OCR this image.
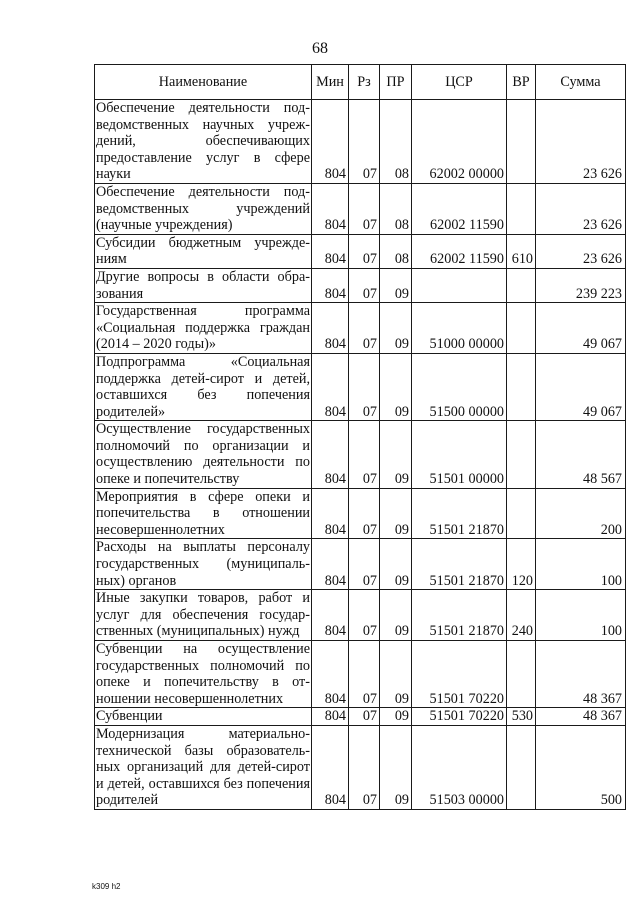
68
Наименование	Мин	Рз	ПР	ЦСР	ВР	Сумма
Обеспечение деятельности подведомственных научных учреждений, обеспечивающих предоставление услуг в сфере науки	804	07	08	62002 00000		23 626
Обеспечение деятельности подведомственных учреждений (научные учреждения)	804	07	08	62002 11590		23 626
Субсидии бюджетным учреждениям	804	07	08	62002 11590	610	23 626
Другие вопросы в области образования	804	07	09			239 223
Государственная программа «Социальная поддержка граждан (2014 – 2020 годы)»	804	07	09	51000 00000		49 067
Подпрограмма «Социальная поддержка детей-сирот и детей, оставшихся без попечения родителей»	804	07	09	51500 00000		49 067
Осуществление государственных полномочий по организации и осуществлению деятельности по опеке и попечительству	804	07	09	51501 00000		48 567
Мероприятия в сфере опеки и попечительства в отношении несовершеннолетних	804	07	09	51501 21870		200
Расходы на выплаты персоналу государственных (муниципальных) органов	804	07	09	51501 21870	120	100
Иные закупки товаров, работ и услуг для обеспечения государственных (муниципальных) нужд	804	07	09	51501 21870	240	100
Субвенции на осуществление государственных полномочий по опеке и попечительству в отношении несовершеннолетних	804	07	09	51501 70220		48 367
Субвенции	804	07	09	51501 70220	530	48 367
Модернизация материально-технической базы образовательных организаций для детей-сирот и детей, оставшихся без попечения родителей	804	07	09	51503 00000		500
k309 h2
